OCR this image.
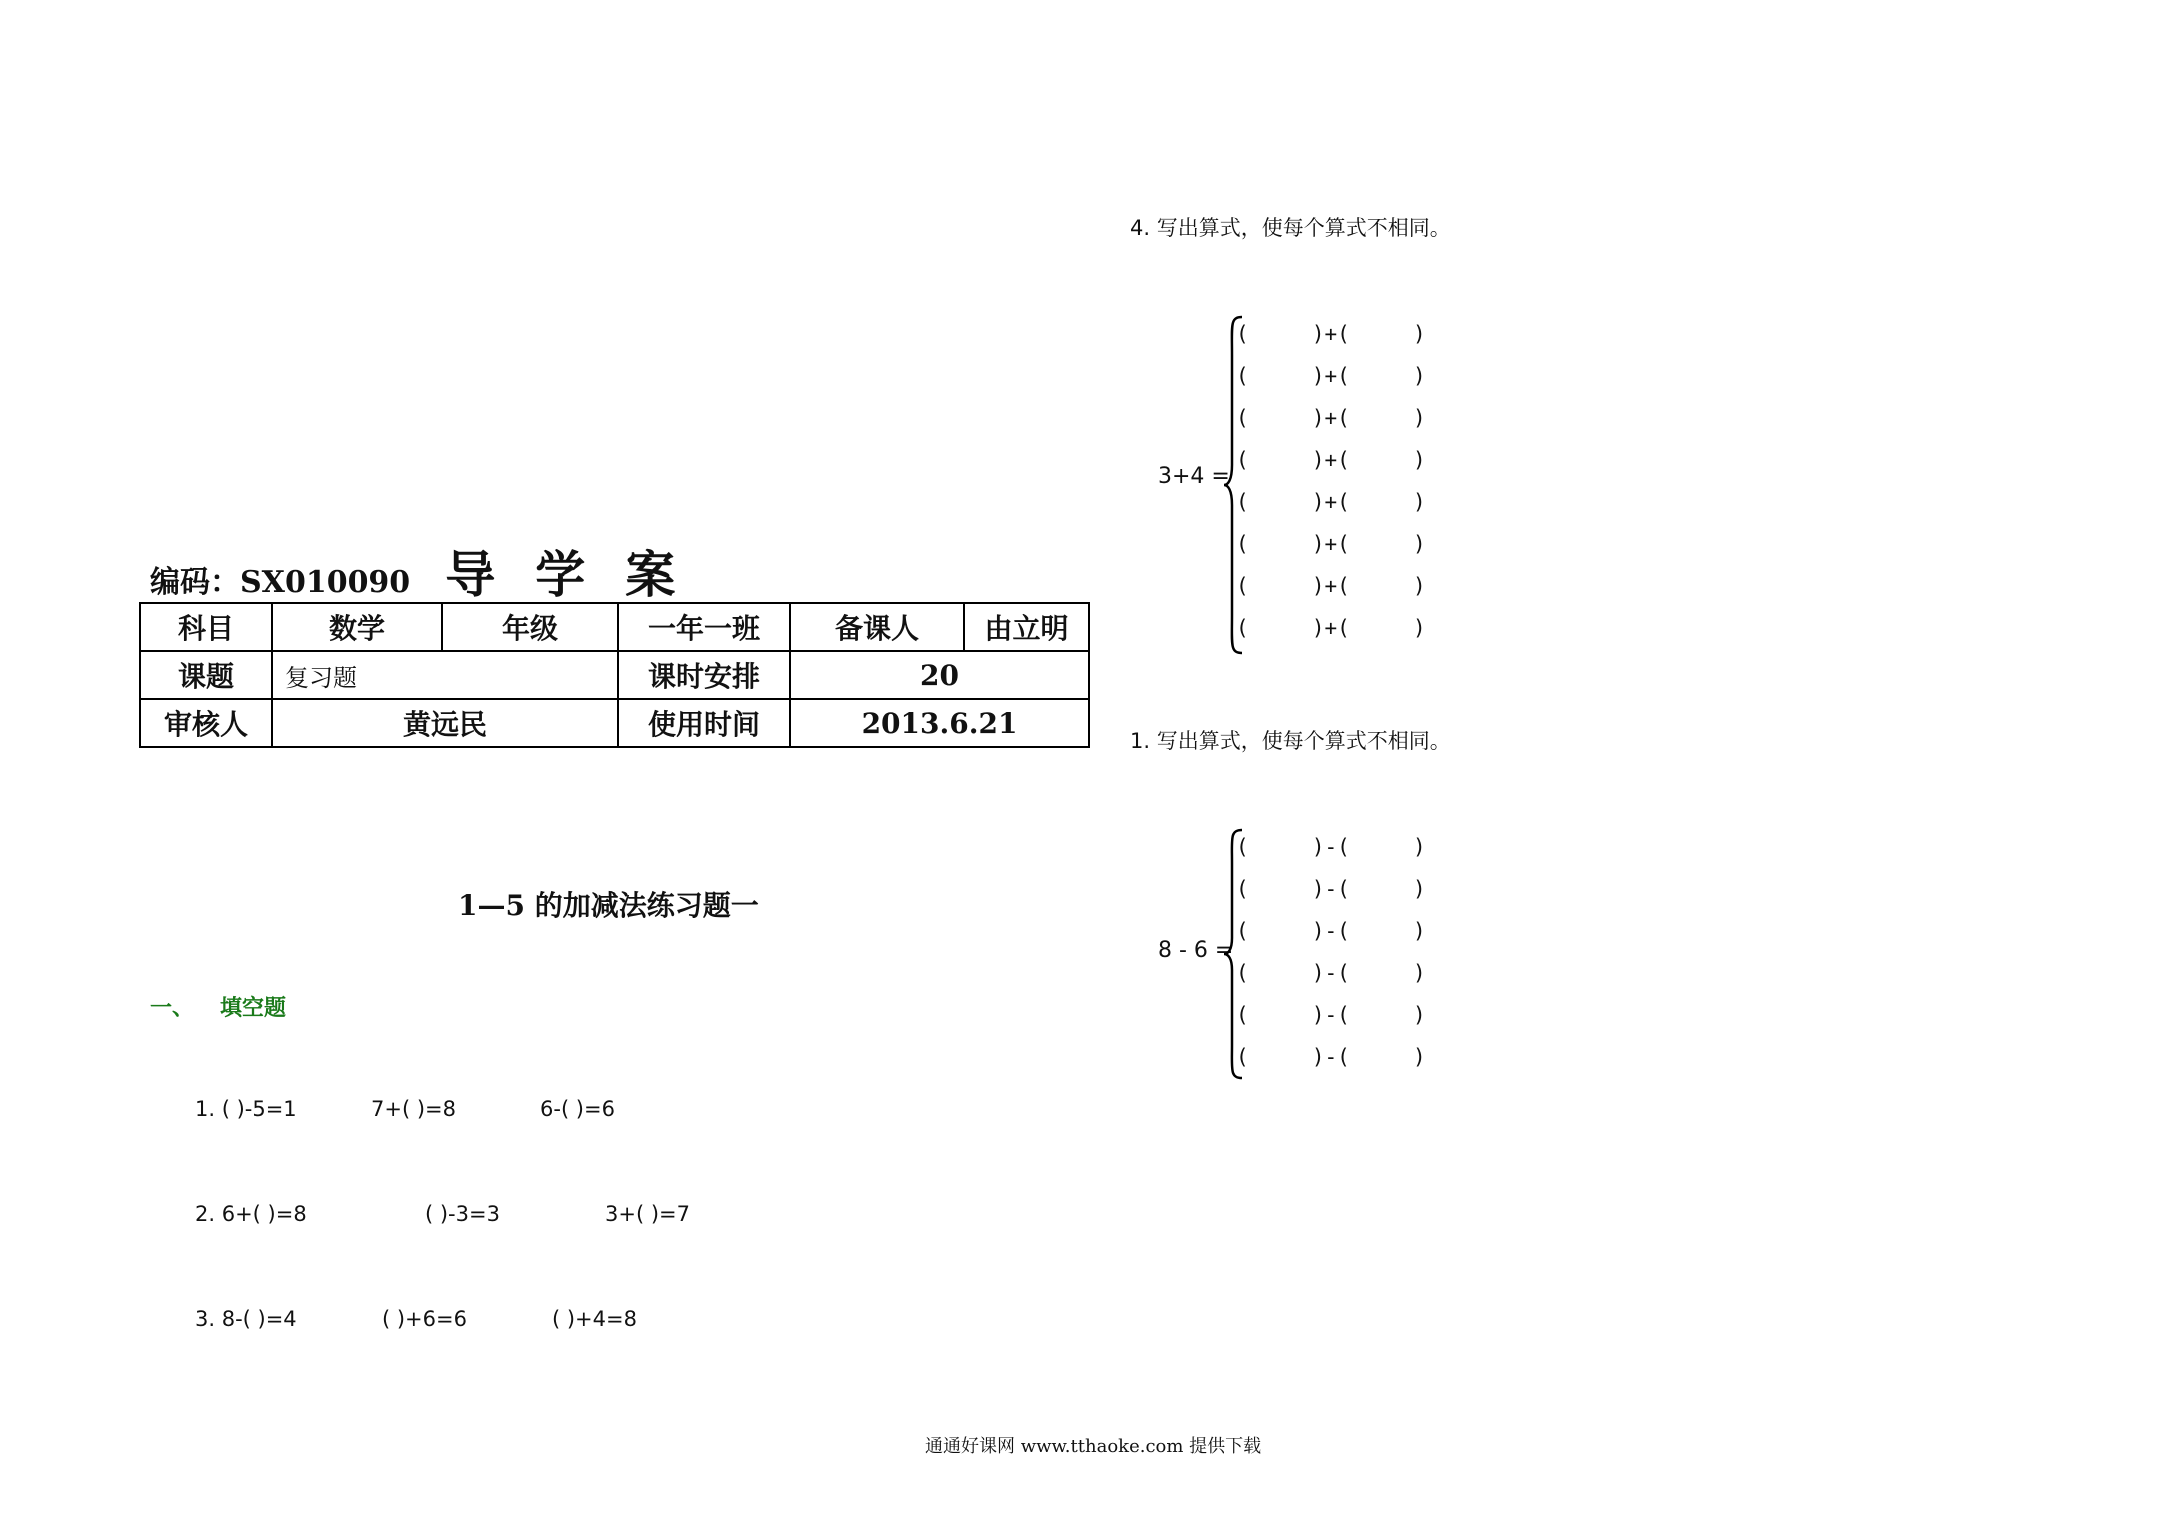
编码：SX010090 导学案
科目	数学	年级	一年一班	备课人	由立明
课题	复习题		课时安排	20	
审核人	黄远民		使用时间	2013.6.21	
1—5 的加减法练习题一
一、 填空题
1. ( )-5=1	7+( )=8	6-( )=6
2. 6+( )=8	( )-3=3	3+( )=7
3. 8-( )=4	( )+6=6	( )+4=8
4. 写出算式，使每个算式不相同。
3+4 =
(     )+(     )
(     )+(     )
(     )+(     )
(     )+(     )
(     )+(     )
(     )+(     )
(     )+(     )
(     )+(     )
1. 写出算式，使每个算式不相同。
8 - 6 =
(     )-(     )
(     )-(     )
(     )-(     )
(     )-(     )
(     )-(     )
(     )-(     )
通通好课网 www.tthaoke.com 提供下载
